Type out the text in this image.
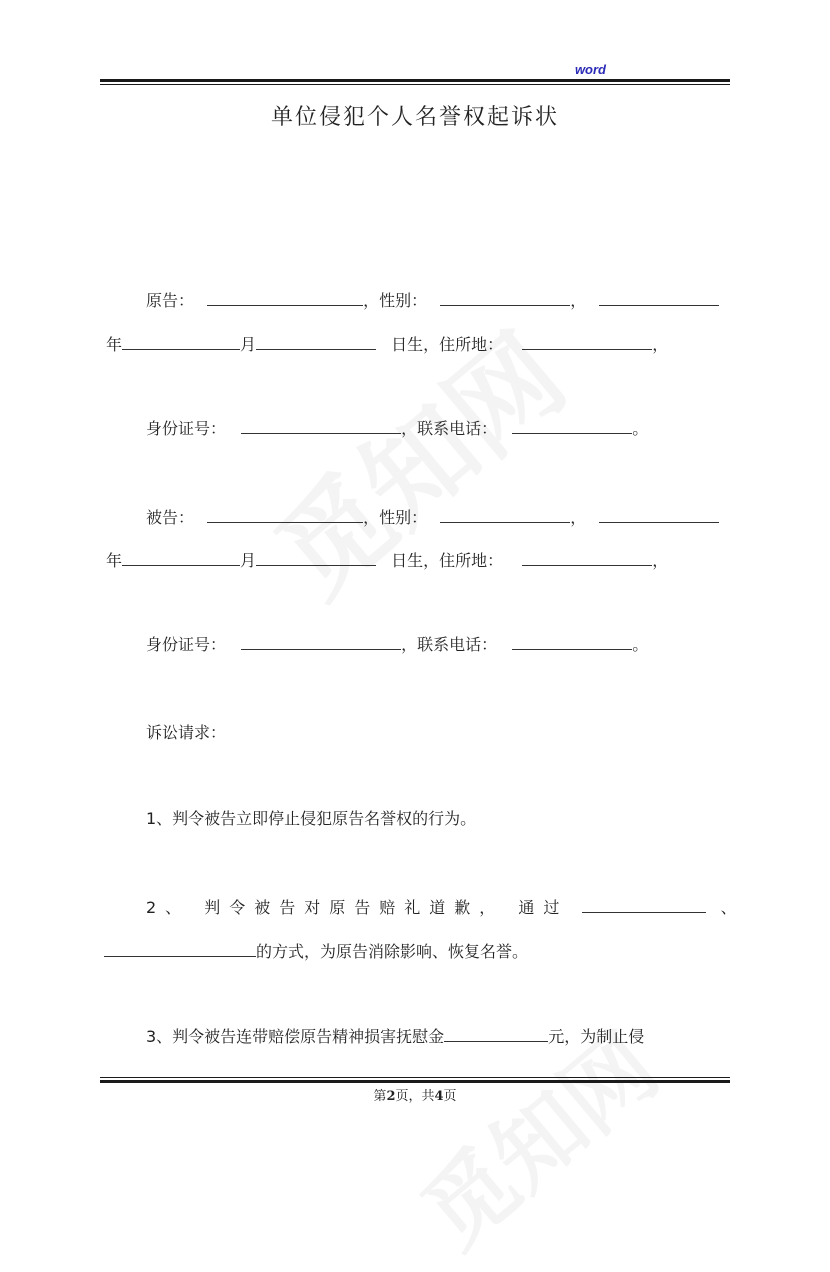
word
单位侵犯个人名誉权起诉状
原告：	，性别：	，
年	月	日生，住所地：	，
身份证号：	，联系电话：	。
被告：	，性别：	，
年	月	日生，住所地：	，
身份证号：	，联系电话：	。
诉讼请求：
1、判令被告立即停止侵犯原告名誉权的行为。
2、 判令被告对原告赔礼道歉， 通过	、
的方式，为原告消除影响、恢复名誉。
3、判令被告连带赔偿原告精神损害抚慰金	元，为制止侵
第2页，共4页
